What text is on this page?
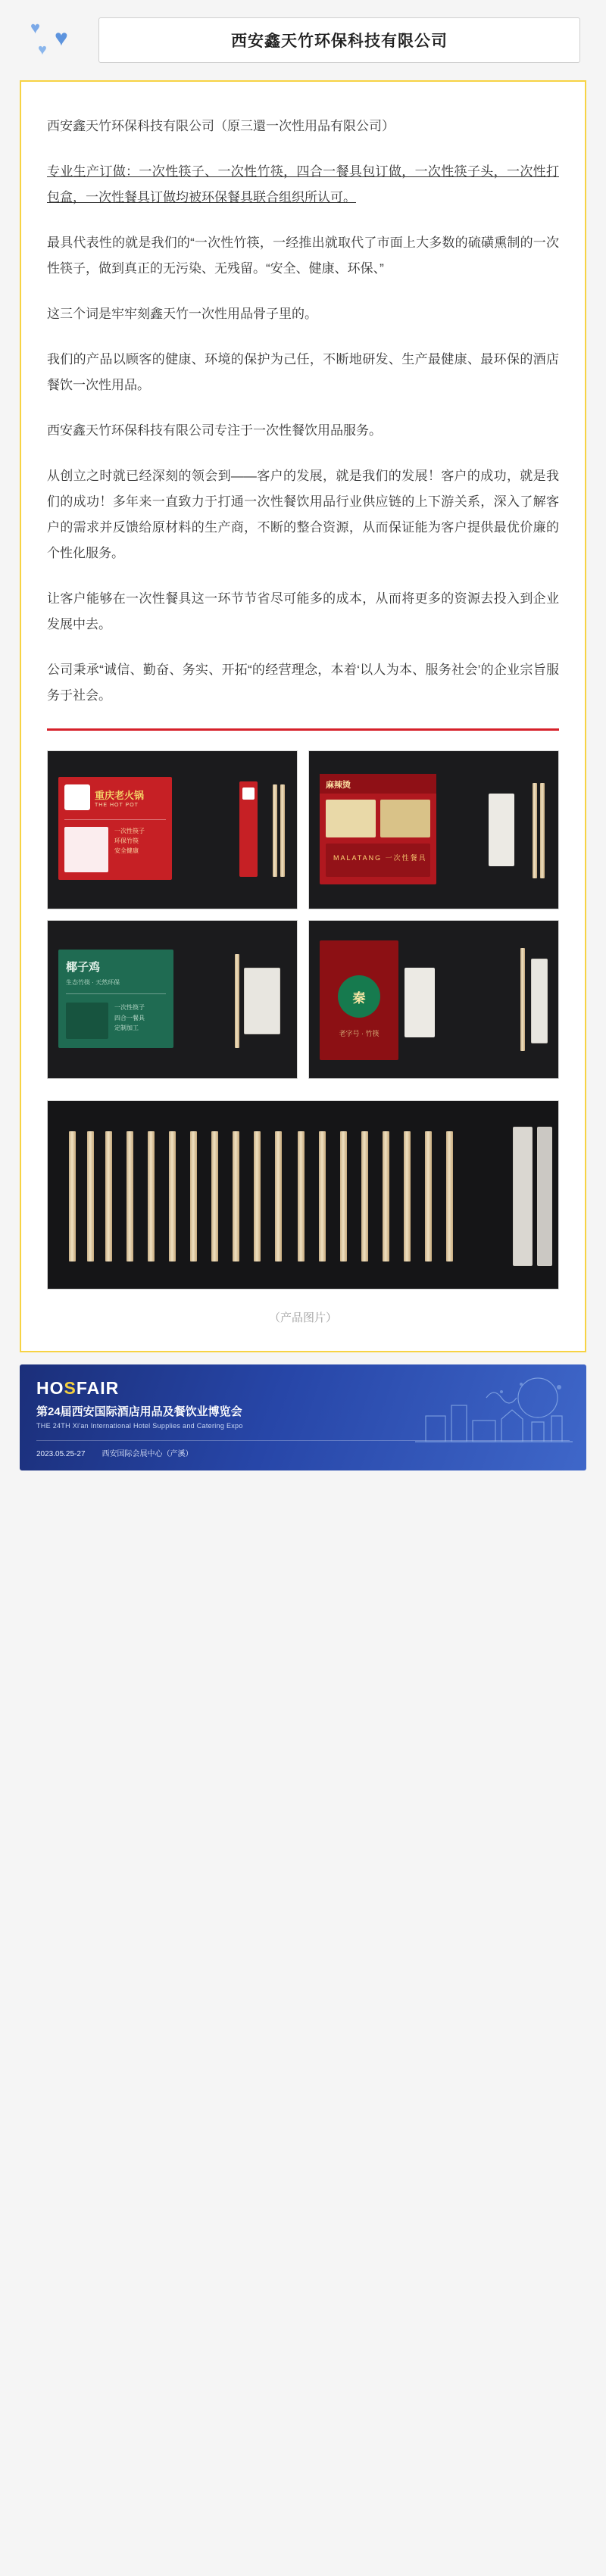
♥ ♥
♥	西安鑫天竹环保科技有限公司

西安鑫天竹环保科技有限公司（原三還一次性用品有限公司）

专业生产订做：一次性筷子、一次性竹筷，四合一餐具包订做，一次性筷子头，一次性打包盒，一次性餐具订做均被环保餐具联合组织所认可。

最具代表性的就是我们的“一次性竹筷，一经推出就取代了市面上大多数的硫磺熏制的一次性筷子，做到真正的无污染、无残留。“安全、健康、环保、”

这三个词是牢牢刻鑫天竹一次性用品骨子里的。

我们的产品以顾客的健康、环境的保护为己任，不断地研发、生产最健康、最环保的酒店餐饮一次性用品。

西安鑫天竹环保科技有限公司专注于一次性餐饮用品服务。

从创立之时就已经深刻的领会到——客户的发展，就是我们的发展！客户的成功，就是我们的成功！多年来一直致力于打通一次性餐饮用品行业供应链的上下游关系，深入了解客户的需求并反馈给原材料的生产商，不断的整合资源，从而保证能为客户提供最优价廉的个性化服务。

让客户能够在一次性餐具这一环节节省尽可能多的成本，从而将更多的资源去投入到企业发展中去。

公司秉承“诚信、勤奋、务实、开拓“的经营理念，本着‘以人为本、服务社会’的企业宗旨服务于社会。

重庆老火锅
THE HOT POT
一次性筷子
环保竹筷
安全健康
麻辣烫
MALATANG 一次性餐具
椰子鸡
生态竹筷 · 天然环保
一次性筷子
四合一餐具
定制加工
秦
老字号 · 竹筷
（产品图片）
HOSFAIR
第24届西安国际酒店用品及餐饮业博览会
THE 24TH Xi'an International Hotel Supplies and Catering Expo
2023.05.25-27 西安国际会展中心（产溪）
